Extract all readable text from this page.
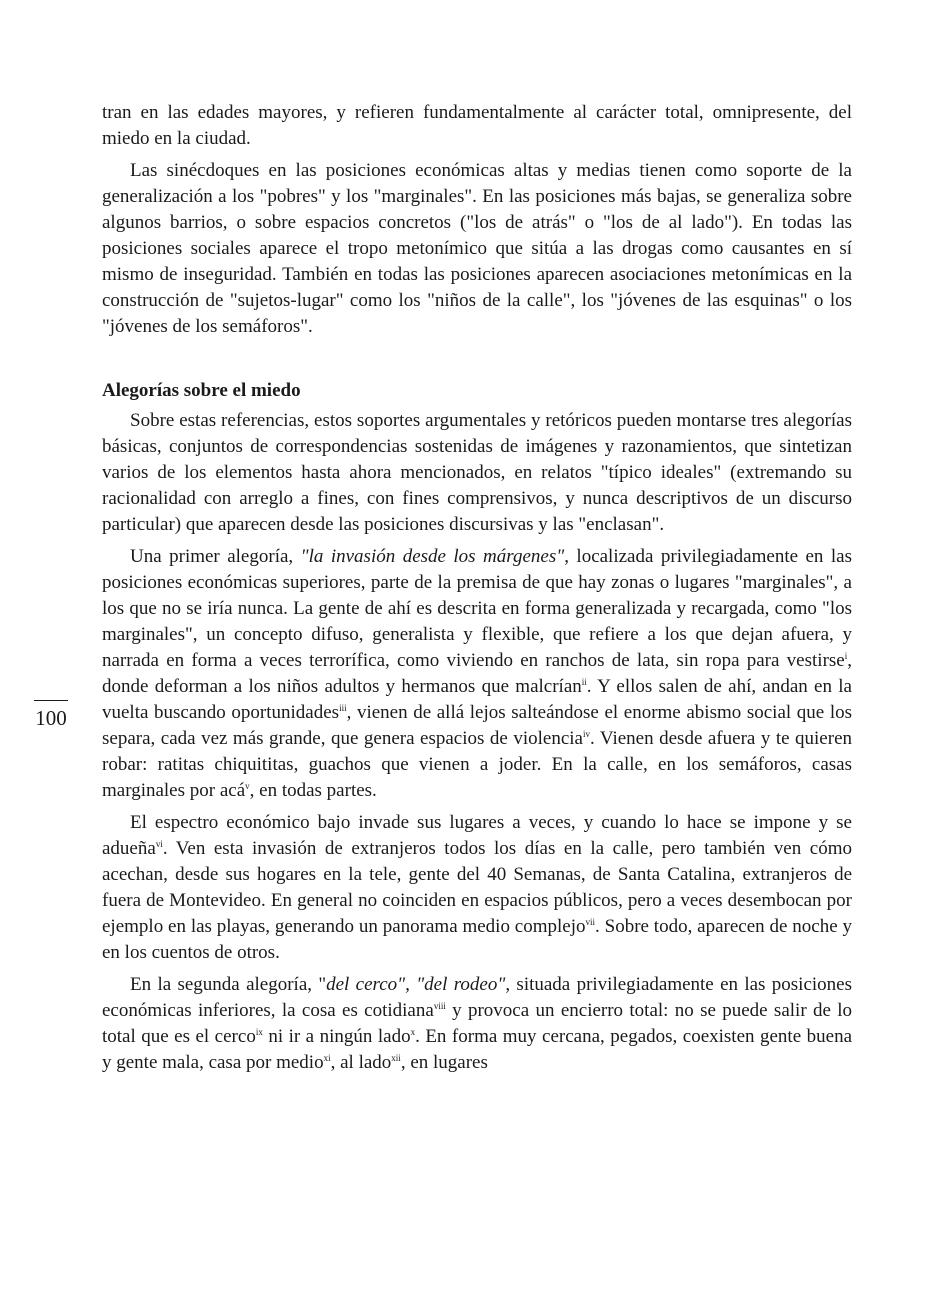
tran en las edades mayores, y refieren fundamentalmente al carácter total, omnipresente, del miedo en la ciudad.

Las sinécdoques en las posiciones económicas altas y medias tienen como soporte de la generalización a los "pobres" y los "marginales". En las posiciones más bajas, se generaliza sobre algunos barrios, o sobre espacios concretos ("los de atrás" o "los de al lado"). En todas las posiciones sociales aparece el tropo metonímico que sitúa a las drogas como causantes en sí mismo de inseguridad. También en todas las posiciones aparecen asociaciones metonímicas en la construcción de "sujetos-lugar" como los "niños de la calle", los "jóvenes de las esquinas" o los "jóvenes de los semáforos".

Alegorías sobre el miedo

Sobre estas referencias, estos soportes argumentales y retóricos pueden montarse tres alegorías básicas, conjuntos de correspondencias sostenidas de imágenes y razonamientos, que sintetizan varios de los elementos hasta ahora mencionados, en relatos "típico ideales" (extremando su racionalidad con arreglo a fines, con fines comprensivos, y nunca descriptivos de un discurso particular) que aparecen desde las posiciones discursivas y las "enclasan".

Una primer alegoría, "la invasión desde los márgenes", localizada privilegiadamente en las posiciones económicas superiores, parte de la premisa de que hay zonas o lugares "marginales", a los que no se iría nunca. La gente de ahí es descrita en forma generalizada y recargada, como "los marginales", un concepto difuso, generalista y flexible, que refiere a los que dejan afuera, y narrada en forma a veces terrorífica, como viviendo en ranchos de lata, sin ropa para vestirse$^i$, donde deforman a los niños adultos y hermanos que malcrían$^{ii}$. Y ellos salen de ahí, andan en la vuelta buscando oportunidades$^{iii}$, vienen de allá lejos salteándose el enorme abismo social que los separa, cada vez más grande, que genera espacios de violencia$^{iv}$. Vienen desde afuera y te quieren robar: ratitas chiquititas, guachos que vienen a joder. En la calle, en los semáforos, casas marginales por acá$^v$, en todas partes.

El espectro económico bajo invade sus lugares a veces, y cuando lo hace se impone y se adueña$^{vi}$. Ven esta invasión de extranjeros todos los días en la calle, pero también ven cómo acechan, desde sus hogares en la tele, gente del 40 Semanas, de Santa Catalina, extranjeros de fuera de Montevideo. En general no coinciden en espacios públicos, pero a veces desembocan por ejemplo en las playas, generando un panorama medio complejo$^{vii}$. Sobre todo, aparecen de noche y en los cuentos de otros.

En la segunda alegoría, "del cerco", "del rodeo", situada privilegiadamente en las posiciones económicas inferiores, la cosa es cotidiana$^{viii}$ y provoca un encierro total: no se puede salir de lo total que es el cerco$^{ix}$ ni ir a ningún lado$^x$. En forma muy cercana, pegados, coexisten gente buena y gente mala, casa por medio$^{xi}$, al lado$^{xii}$, en lugares

100
